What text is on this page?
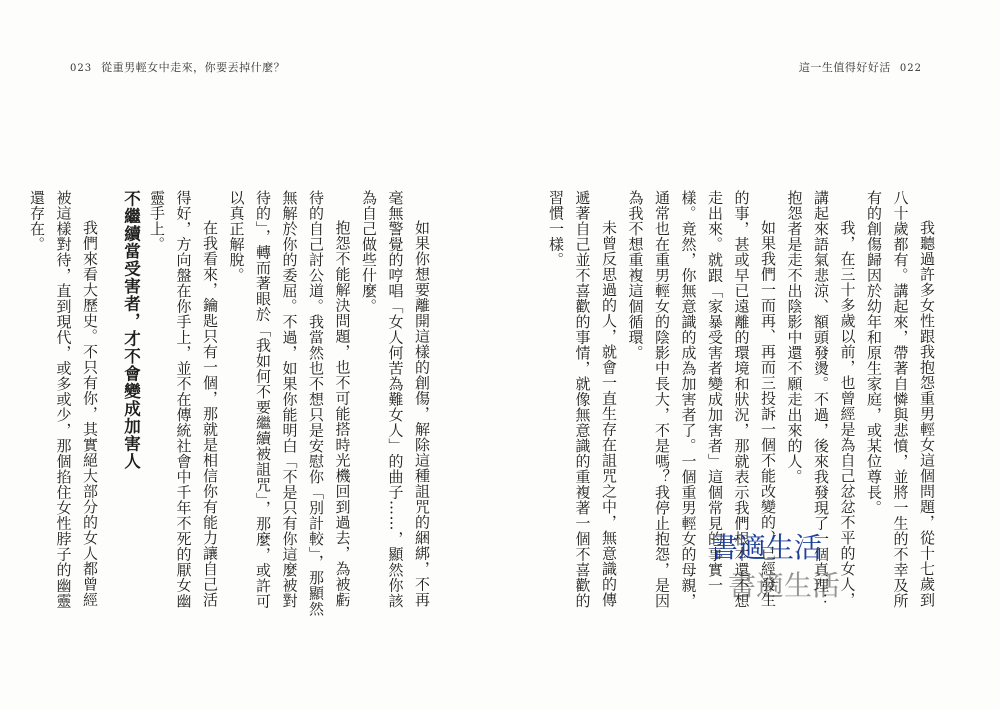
023 從重男輕女中走來，你要丟掉什麼？	這一生值得好好活 022

我聽過許多女性跟我抱怨重男輕女這個問題，從十七歲到八十歲都有。講起來，帶著自憐與悲憤，並將一生的不幸及所有的創傷歸因於幼年和原生家庭，或某位尊長。

我，在三十多歲以前，也曾經是為自己忿忿不平的女人，講起來語氣悲涼、額頭發燙。不過，後來我發現了一個真理：抱怨者是走不出陰影中還不願走出來的人。

如果我們一而再、再而三投訴一個不能改變的、已經發生的事，甚或早已遠離的環境和狀況，那就表示我們根本還不想走出來。就跟「家暴受害者變成加害者」這個常見的事實一樣。竟然，你無意識的成為加害者了。一個重男輕女的母親，通常也在重男輕女的陰影中長大，不是嗎？我停止抱怨，是因為我不想重複這個循環。

未曾反思過的人，就會一直生存在詛咒之中，無意識的傳遞著自己並不喜歡的事情，就像無意識的重複著一個不喜歡的習慣一樣。

如果你想要離開這樣的創傷，解除這種詛咒的綑綁，不再毫無警覺的哼唱「女人何苦為難女人」的曲子……，顯然你該為自己做些什麼。

抱怨不能解決問題，也不可能搭時光機回到過去，為被虧待的自己討公道。我當然也不想只是安慰你「別計較」，那顯然無解於你的委屈。不過，如果你能明白「不是只有你這麼被對待的」，轉而著眼於「我如何不要繼續被詛咒」，那麼，或許可以真正解脫。

在我看來，鑰匙只有一個，那就是相信你有能力讓自己活得好，方向盤在你手上，並不在傳統社會中千年不死的厭女幽靈手上。

不繼續當受害者，才不會變成加害人

我們來看大歷史。不只有你，其實絕大部分的女人都曾經被這樣對待，直到現代，或多或少，那個掐住女性脖子的幽靈還存在。

書適生活
書適生活
